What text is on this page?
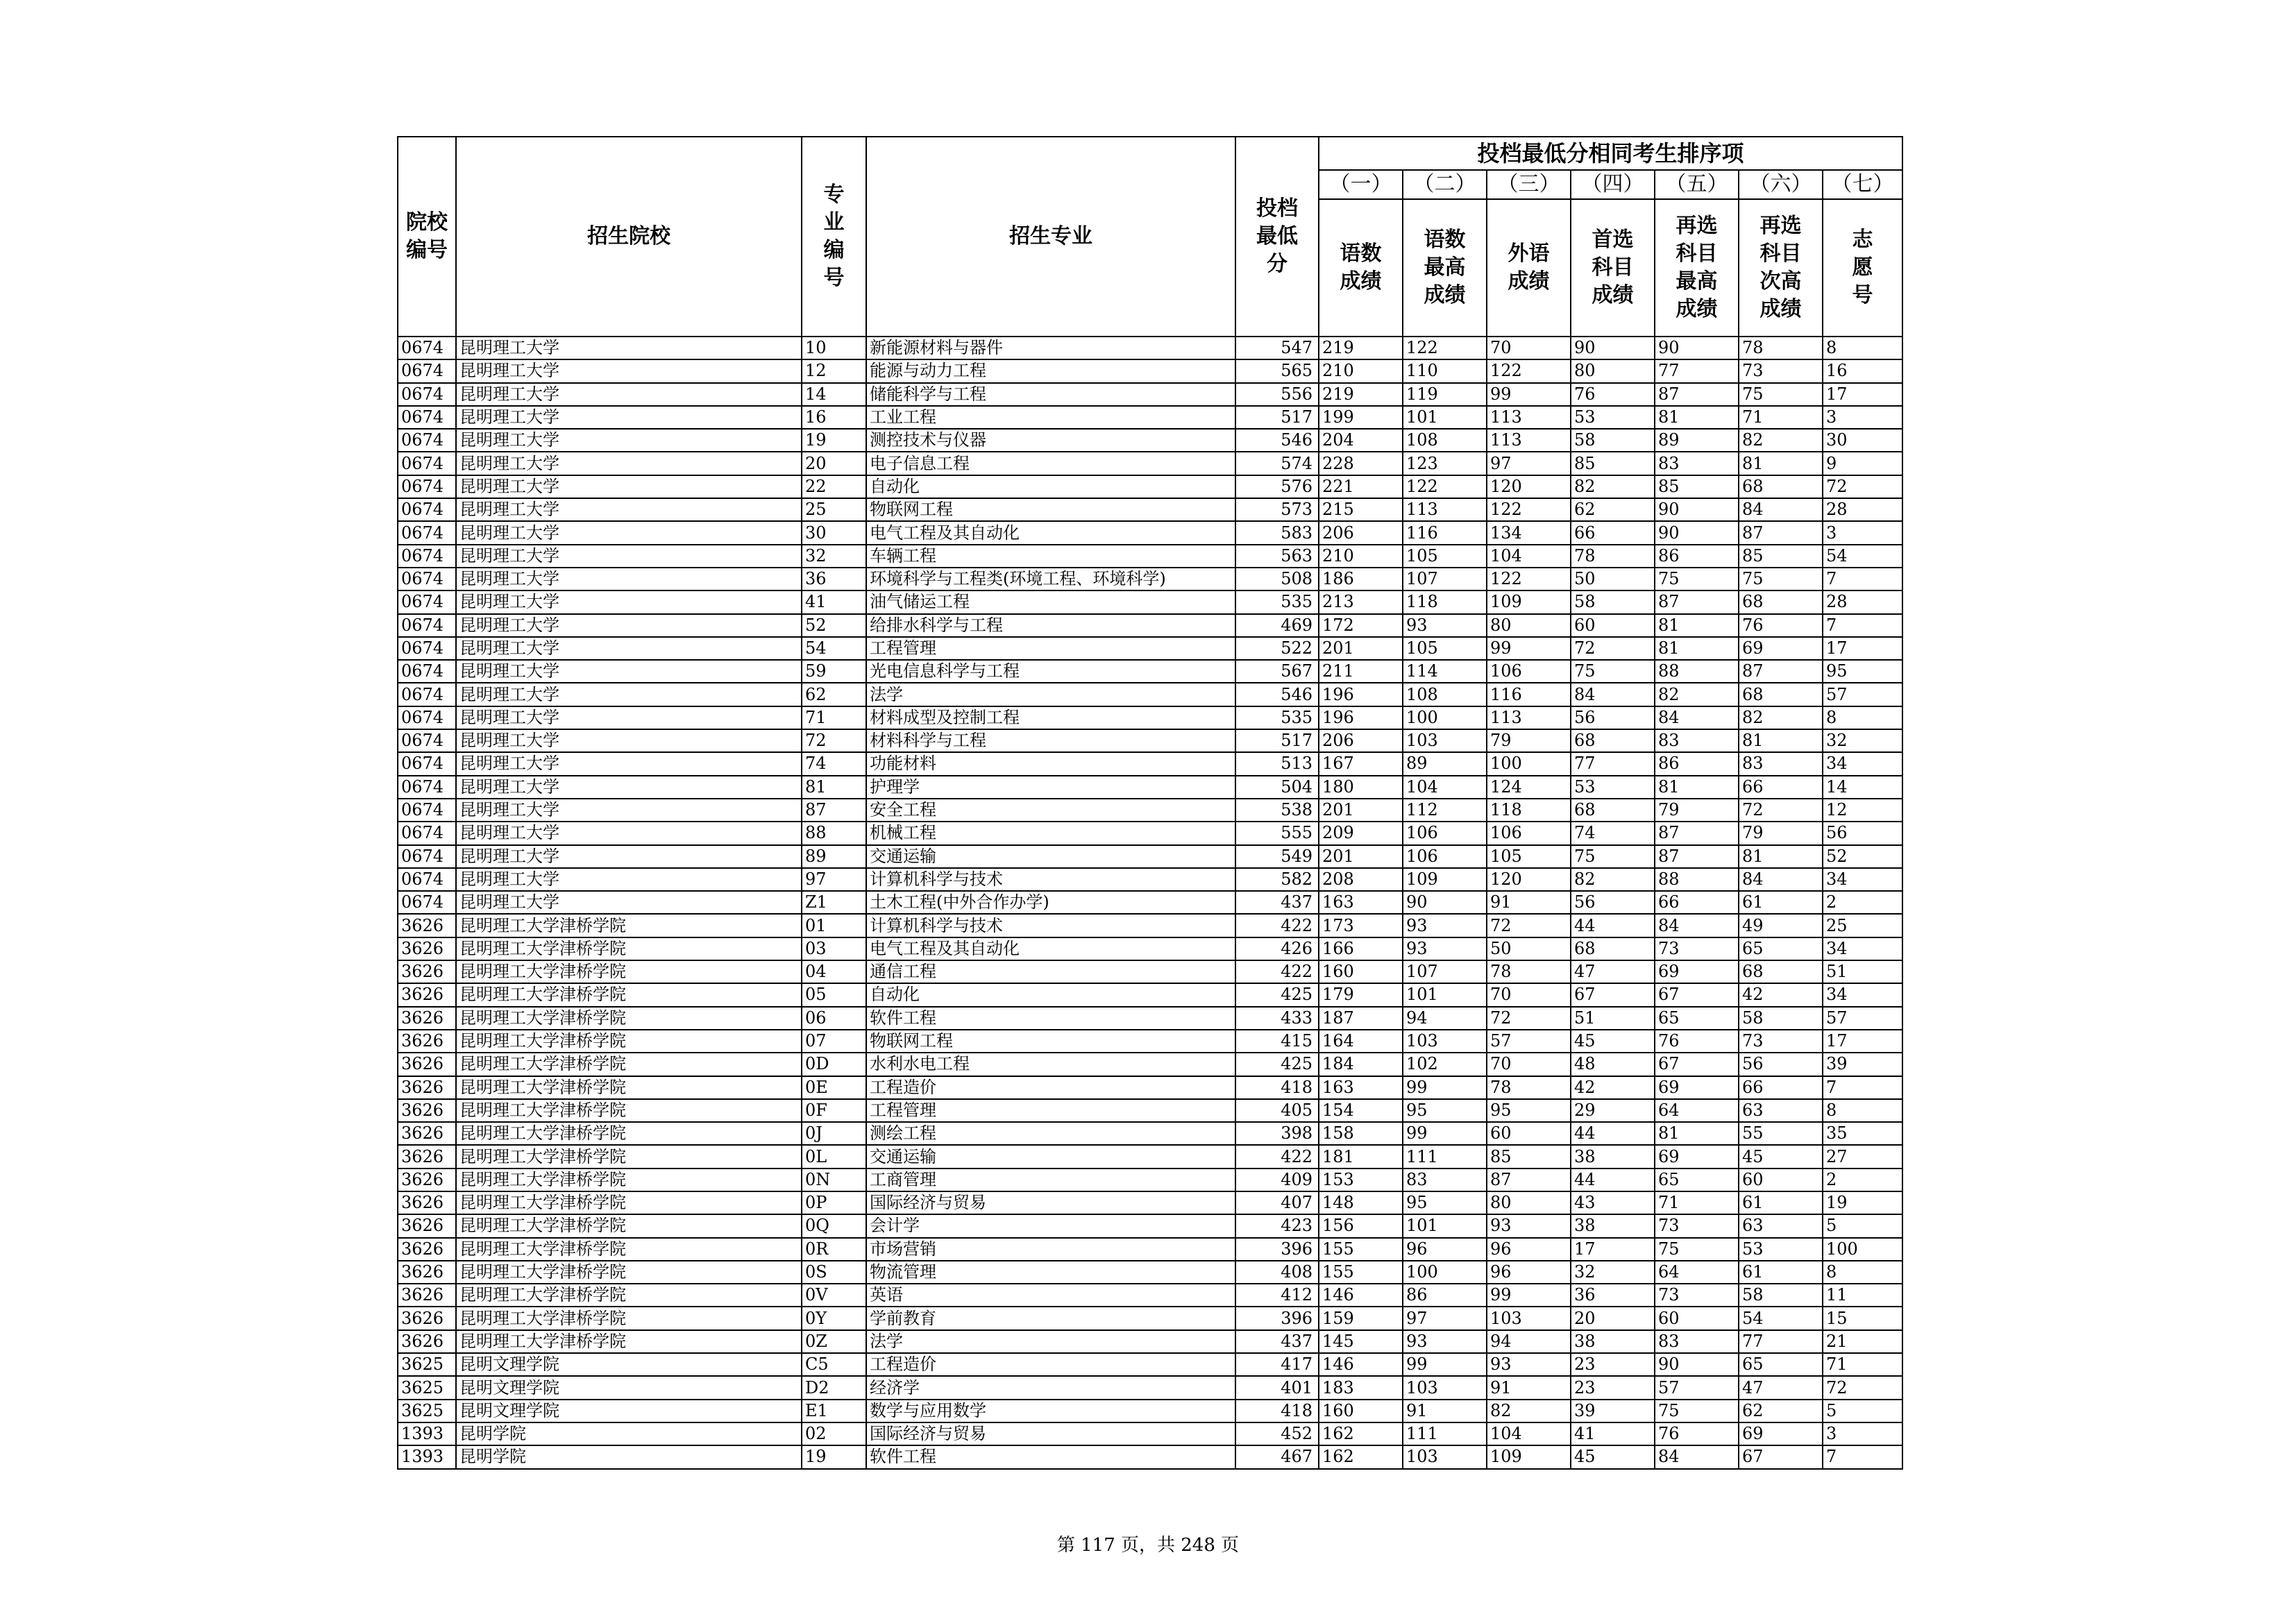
院校编号	招生院校	专业编号	招生专业	投档最低分	投档最低分相同考生排序项						
					（一）	（二）	（三）	（四）	（五）	（六）	（七）
					语数成绩	语数最高成绩	外语成绩	首选科目成绩	再选科目最高成绩	再选科目次高成绩	志愿号
0674	昆明理工大学	10	新能源材料与器件	547	219	122	70	90	90	78	8
0674	昆明理工大学	12	能源与动力工程	565	210	110	122	80	77	73	16
0674	昆明理工大学	14	储能科学与工程	556	219	119	99	76	87	75	17
0674	昆明理工大学	16	工业工程	517	199	101	113	53	81	71	3
0674	昆明理工大学	19	测控技术与仪器	546	204	108	113	58	89	82	30
0674	昆明理工大学	20	电子信息工程	574	228	123	97	85	83	81	9
0674	昆明理工大学	22	自动化	576	221	122	120	82	85	68	72
0674	昆明理工大学	25	物联网工程	573	215	113	122	62	90	84	28
0674	昆明理工大学	30	电气工程及其自动化	583	206	116	134	66	90	87	3
0674	昆明理工大学	32	车辆工程	563	210	105	104	78	86	85	54
0674	昆明理工大学	36	环境科学与工程类(环境工程、环境科学)	508	186	107	122	50	75	75	7
0674	昆明理工大学	41	油气储运工程	535	213	118	109	58	87	68	28
0674	昆明理工大学	52	给排水科学与工程	469	172	93	80	60	81	76	7
0674	昆明理工大学	54	工程管理	522	201	105	99	72	81	69	17
0674	昆明理工大学	59	光电信息科学与工程	567	211	114	106	75	88	87	95
0674	昆明理工大学	62	法学	546	196	108	116	84	82	68	57
0674	昆明理工大学	71	材料成型及控制工程	535	196	100	113	56	84	82	8
0674	昆明理工大学	72	材料科学与工程	517	206	103	79	68	83	81	32
0674	昆明理工大学	74	功能材料	513	167	89	100	77	86	83	34
0674	昆明理工大学	81	护理学	504	180	104	124	53	81	66	14
0674	昆明理工大学	87	安全工程	538	201	112	118	68	79	72	12
0674	昆明理工大学	88	机械工程	555	209	106	106	74	87	79	56
0674	昆明理工大学	89	交通运输	549	201	106	105	75	87	81	52
0674	昆明理工大学	97	计算机科学与技术	582	208	109	120	82	88	84	34
0674	昆明理工大学	Z1	土木工程(中外合作办学)	437	163	90	91	56	66	61	2
3626	昆明理工大学津桥学院	01	计算机科学与技术	422	173	93	72	44	84	49	25
3626	昆明理工大学津桥学院	03	电气工程及其自动化	426	166	93	50	68	73	65	34
3626	昆明理工大学津桥学院	04	通信工程	422	160	107	78	47	69	68	51
3626	昆明理工大学津桥学院	05	自动化	425	179	101	70	67	67	42	34
3626	昆明理工大学津桥学院	06	软件工程	433	187	94	72	51	65	58	57
3626	昆明理工大学津桥学院	07	物联网工程	415	164	103	57	45	76	73	17
3626	昆明理工大学津桥学院	0D	水利水电工程	425	184	102	70	48	67	56	39
3626	昆明理工大学津桥学院	0E	工程造价	418	163	99	78	42	69	66	7
3626	昆明理工大学津桥学院	0F	工程管理	405	154	95	95	29	64	63	8
3626	昆明理工大学津桥学院	0J	测绘工程	398	158	99	60	44	81	55	35
3626	昆明理工大学津桥学院	0L	交通运输	422	181	111	85	38	69	45	27
3626	昆明理工大学津桥学院	0N	工商管理	409	153	83	87	44	65	60	2
3626	昆明理工大学津桥学院	0P	国际经济与贸易	407	148	95	80	43	71	61	19
3626	昆明理工大学津桥学院	0Q	会计学	423	156	101	93	38	73	63	5
3626	昆明理工大学津桥学院	0R	市场营销	396	155	96	96	17	75	53	100
3626	昆明理工大学津桥学院	0S	物流管理	408	155	100	96	32	64	61	8
3626	昆明理工大学津桥学院	0V	英语	412	146	86	99	36	73	58	11
3626	昆明理工大学津桥学院	0Y	学前教育	396	159	97	103	20	60	54	15
3626	昆明理工大学津桥学院	0Z	法学	437	145	93	94	38	83	77	21
3625	昆明文理学院	C5	工程造价	417	146	99	93	23	90	65	71
3625	昆明文理学院	D2	经济学	401	183	103	91	23	57	47	72
3625	昆明文理学院	E1	数学与应用数学	418	160	91	82	39	75	62	5
1393	昆明学院	02	国际经济与贸易	452	162	111	104	41	76	69	3
1393	昆明学院	19	软件工程	467	162	103	109	45	84	67	7
第 117 页，共 248 页
